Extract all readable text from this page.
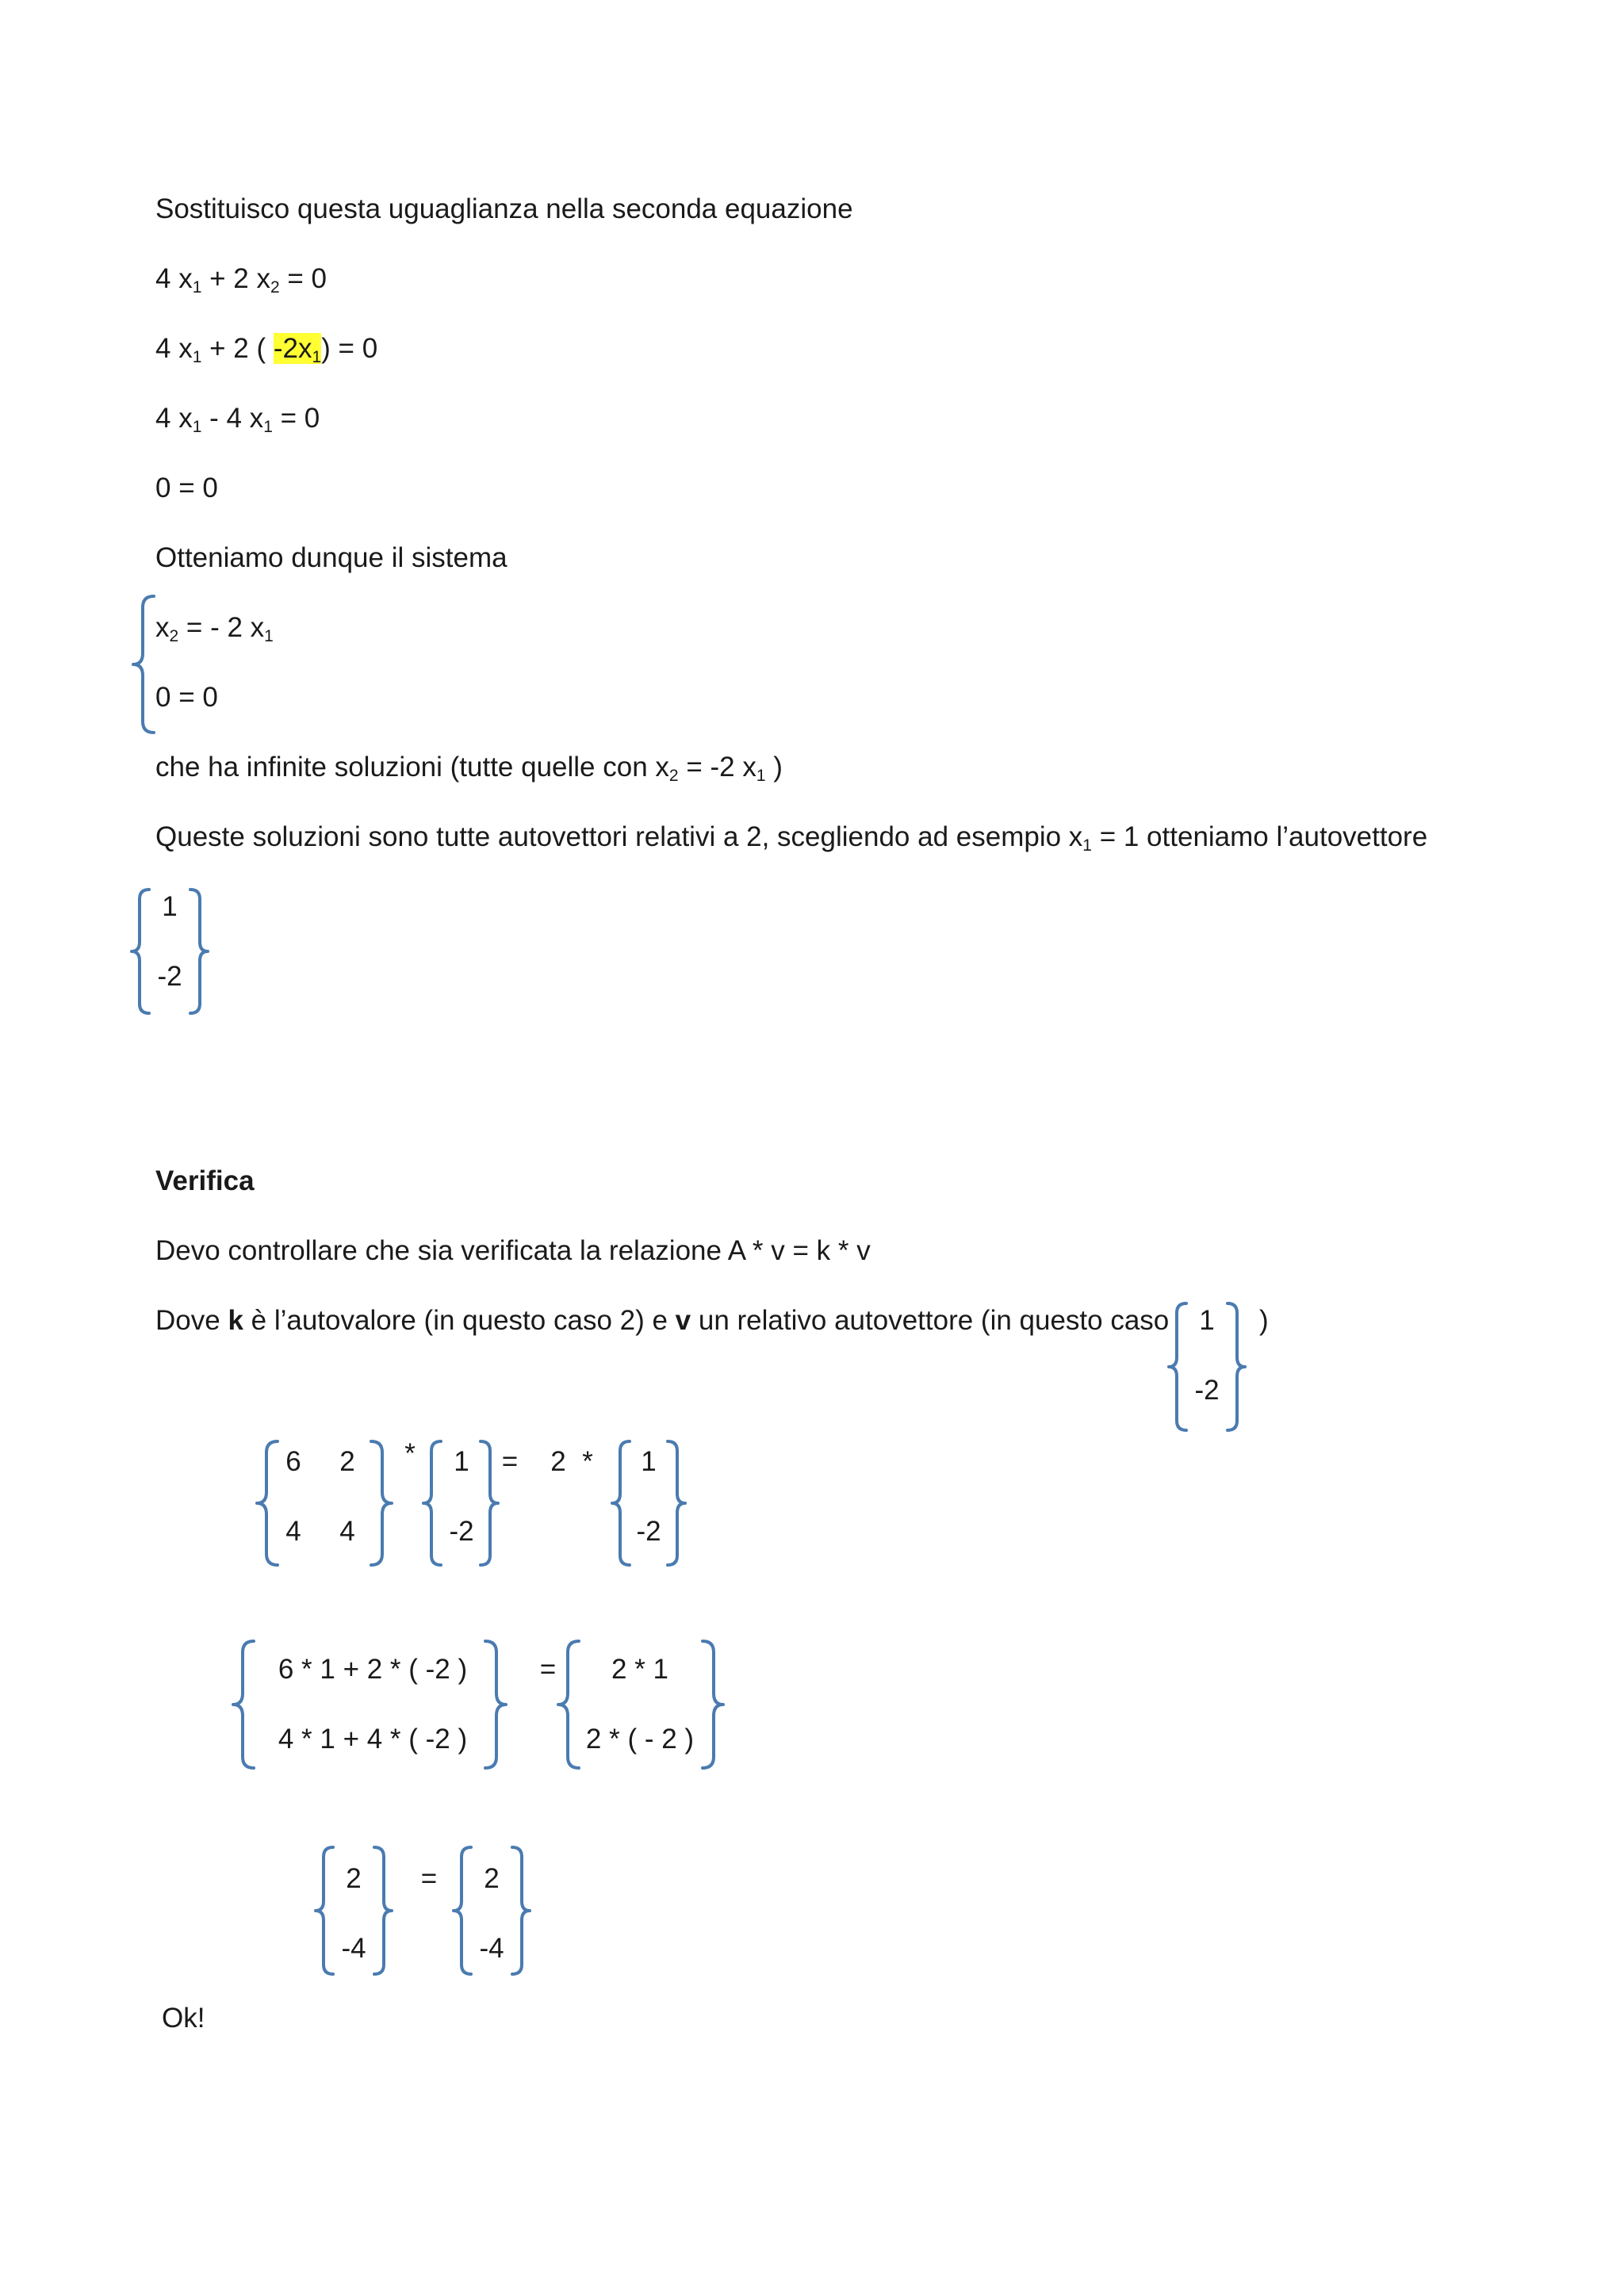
Sostituisco questa uguaglianza nella seconda equazione
4 $x_1 + 2$ $x_2 = 0$
4 $x_1 + 2$ ( $-2x_1) = 0$
4 $x_1 - 4$ $x_1 = 0$
0 = 0
Otteniamo dunque il sistema
$x_2$ = - 2 $x_1$
0 = 0
che ha infinite soluzioni (tutte quelle con $x_2 = -2$ $x_1$ )
Queste soluzioni sono tutte autovettori relativi a 2, scegliendo ad esempio $x_1 = 1$ otteniamo l’autovettore
1
-2
Verifica
Devo controllare che sia verificata la relazione A * v = k * v
Dove k è l’autovalore (in questo caso 2) e v un relativo autovettore (in questo caso 1
-2
)
6 2
4 4
* 1
-2
= 2 * 1
-2
6 * 1 + 2 * ( -2 )
4 * 1 + 4 * ( -2 )
=	2 * 1
2 * ( - 2 )
2
-4
= 2
-4
Ok!
